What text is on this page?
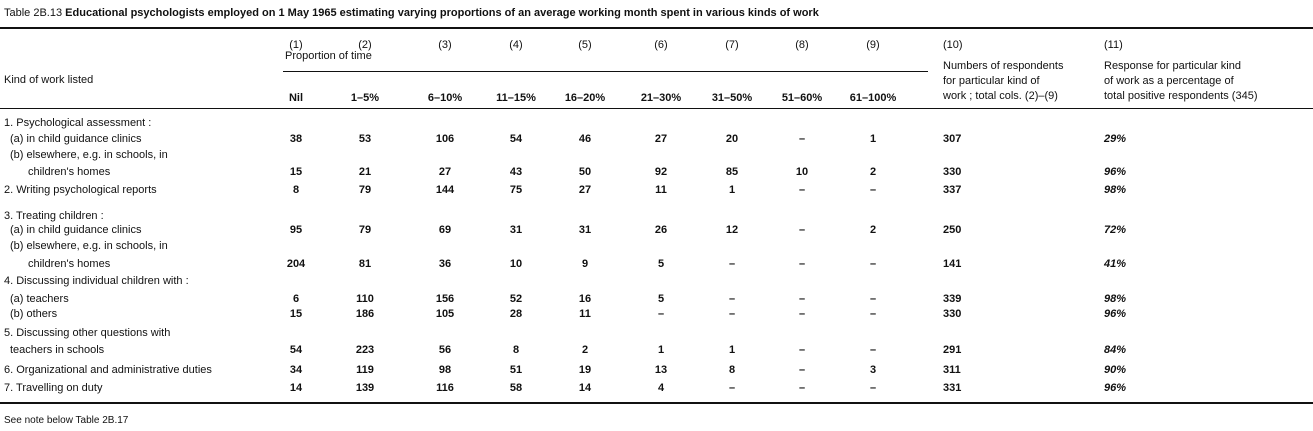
Table 2B.13 Educational psychologists employed on 1 May 1965 estimating varying proportions of an average working month spent in various kinds of work
Kind of work listed
Proportion of time
(1)	(2)	(3)	(4)	(5)	(6)	(7)	(8)	(9)
Nil	1–5%	6–10%	11–15%	16–20%	21–30%	31–50%	51–60%	61–100%
(10)
Numbers of respondents
for particular kind of
work ; total cols. (2)–(9)
(11)
Response for particular kind
of work as a percentage of
total positive respondents (345)
1. Psychological assessment :
(a) in child guidance clinics	38	53	106	54	46	27	20	–	1	307	29%
(b) elsewhere, e.g. in schools, in
children's homes	15	21	27	43	50	92	85	10	2	330	96%
2. Writing psychological reports	8	79	144	75	27	11	1	–	–	337	98%
3. Treating children :
(a) in child guidance clinics	95	79	69	31	31	26	12	–	2	250	72%
(b) elsewhere, e.g. in schools, in
children's homes	204	81	36	10	9	5	–	–	–	141	41%
4. Discussing individual children with :
(a) teachers	6	110	156	52	16	5	–	–	–	339	98%
(b) others	15	186	105	28	11	–	–	–	–	330	96%
5. Discussing other questions with
teachers in schools	54	223	56	8	2	1	1	–	–	291	84%
6. Organizational and administrative duties	34	119	98	51	19	13	8	–	3	311	90%
7. Travelling on duty	14	139	116	58	14	4	–	–	–	331	96%
See note below Table 2B.17
